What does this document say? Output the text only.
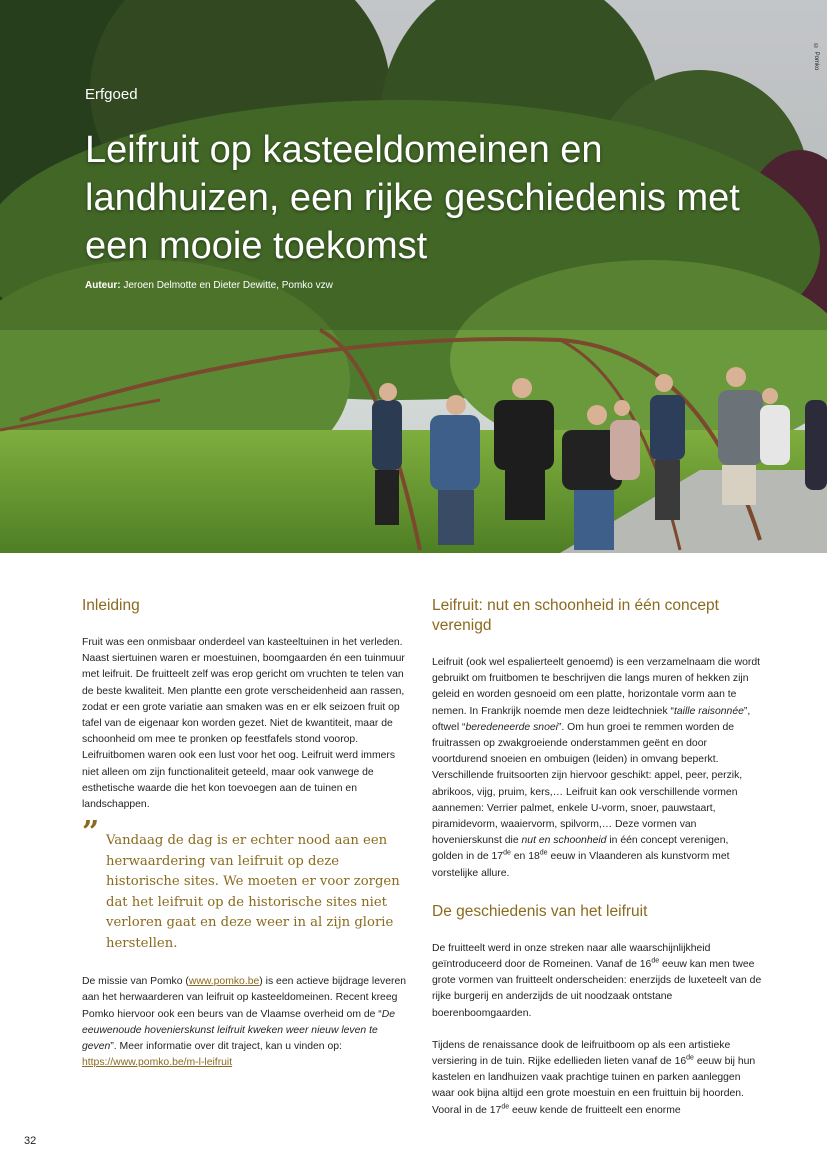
© Pomko
Erfgoed
Leifruit op kasteeldomeinen en landhuizen, een rijke geschiedenis met een mooie toekomst
Auteur: Jeroen Delmotte en Dieter Dewitte, Pomko vzw
Inleiding

Fruit was een onmisbaar onderdeel van kasteeltuinen in het verleden. Naast siertuinen waren er moestuinen, boomgaarden én een tuinmuur met leifruit. De fruitteelt zelf was erop gericht om vruchten te telen van de beste kwaliteit. Men plantte een grote verscheidenheid aan rassen, zodat er een grote variatie aan smaken was en er elk seizoen fruit op tafel van de eigenaar kon worden gezet. Niet de kwantiteit, maar de schoonheid om mee te pronken op feestfafels stond voorop. Leifruitbomen waren ook een lust voor het oog. Leifruit werd immers niet alleen om zijn functionaliteit geteeld, maar ook vanwege de esthetische waarde die het kon toevoegen aan de tuinen en landschappen.

” Vandaag de dag is er echter nood aan een herwaardering van leifruit op deze historische sites. We moeten er voor zorgen dat het leifruit op de historische sites niet verloren gaat en deze weer in al zijn glorie herstellen.

De missie van Pomko (www.pomko.be) is een actieve bijdrage leveren aan het herwaarderen van leifruit op kasteeldomeinen. Recent kreeg Pomko hiervoor ook een beurs van de Vlaamse overheid om de “De eeuwenoude hovenierskunst leifruit kweken weer nieuw leven te geven”. Meer informatie over dit traject, kan u vinden op:
https://www.pomko.be/m-l-leifruit

Leifruit: nut en schoonheid in één concept verenigd

Leifruit (ook wel espalierteelt genoemd) is een verzamelnaam die wordt gebruikt om fruitbomen te beschrijven die langs muren of hekken zijn geleid en worden gesnoeid om een platte, horizontale vorm aan te nemen. In Frankrijk noemde men deze leidtechniek “taille raisonnée”, oftwel “beredeneerde snoei”. Om hun groei te remmen worden de fruitrassen op zwakgroeiende onderstammen geënt en door voortdurend snoeien en ombuigen (leiden) in omvang beperkt. Verschillende fruitsoorten zijn hiervoor geschikt: appel, peer, perzik, abrikoos, vijg, pruim, kers,… Leifruit kan ook verschillende vormen aannemen: Verrier palmet, enkele U-vorm, snoer, pauwstaart, piramidevorm, waaiervorm, spilvorm,… Deze vormen van hovenierskunst die nut en schoonheid in één concept verenigen, golden in de 17de en 18de eeuw in Vlaanderen als kunstvorm met vorstelijke allure.

De geschiedenis van het leifruit

De fruitteelt werd in onze streken naar alle waarschijnlijkheid geïntroduceerd door de Romeinen. Vanaf de 16de eeuw kan men twee grote vormen van fruitteelt onderscheiden: enerzijds de luxeteelt van de rijke burgerij en anderzijds de uit noodzaak ontstane boerenboomgaarden.

Tijdens de renaissance dook de leifruitboom op als een artistieke versiering in de tuin. Rijke edellieden lieten vanaf de 16de eeuw bij hun kastelen en landhuizen vaak prachtige tuinen en parken aanleggen waar ook bijna altijd een grote moestuin en een fruittuin bij hoorden. Vooral in de 17de eeuw kende de fruitteelt een enorme

32
